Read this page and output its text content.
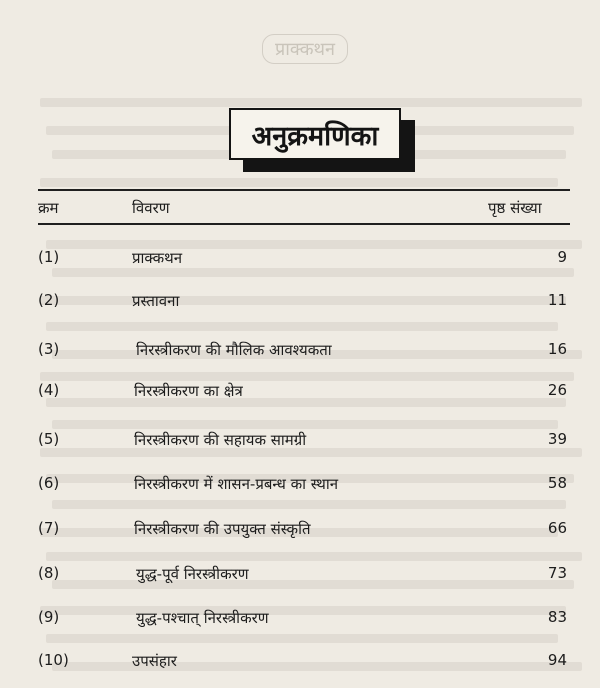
प्राक्कथन
अनुक्रमणिका
क्रम	विवरण	पृष्ठ संख्या
(1)	प्राक्कथन	9
(2)	प्रस्तावना	11
(3)	निरस्त्रीकरण की मौलिक आवश्यकता	16
(4)	निरस्त्रीकरण का क्षेत्र	26
(5)	निरस्त्रीकरण की सहायक सामग्री	39
(6)	निरस्त्रीकरण में शासन-प्रबन्ध का स्थान	58
(7)	निरस्त्रीकरण की उपयुक्त संस्कृति	66
(8)	युद्ध-पूर्व निरस्त्रीकरण	73
(9)	युद्ध-पश्चात् निरस्त्रीकरण	83
(10)	उपसंहार	94
